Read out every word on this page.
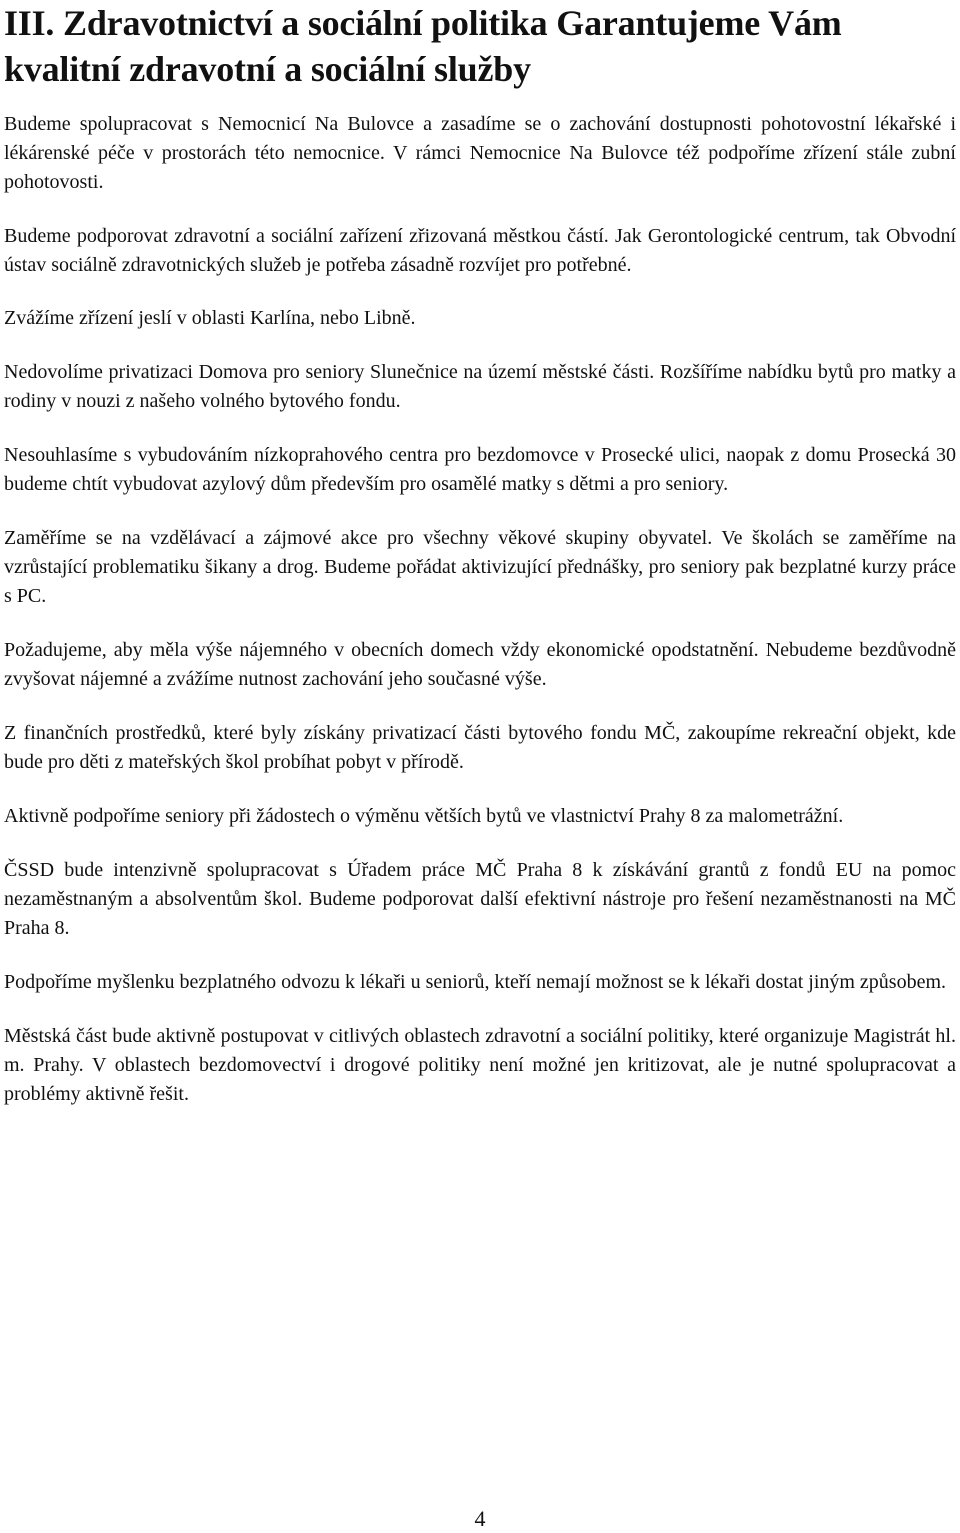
III. Zdravotnictví a sociální politika Garantujeme Vám kvalitní zdravotní a sociální služby

Budeme spolupracovat s Nemocnicí Na Bulovce a zasadíme se o zachování dostupnosti pohotovostní lékařské i lékárenské péče v prostorách této nemocnice. V rámci Nemocnice Na Bulovce též podpoříme zřízení stále zubní pohotovosti.

Budeme podporovat zdravotní a sociální zařízení zřizovaná městkou částí. Jak Gerontologické centrum, tak Obvodní ústav sociálně zdravotnických služeb je potřeba zásadně rozvíjet pro potřebné.

Zvážíme zřízení jeslí v oblasti Karlína, nebo Libně.

Nedovolíme privatizaci Domova pro seniory Slunečnice na území městské části. Rozšíříme nabídku bytů pro matky a rodiny v nouzi z našeho volného bytového fondu.

Nesouhlasíme s vybudováním nízkoprahového centra pro bezdomovce v Prosecké ulici, naopak z domu Prosecká 30 budeme chtít vybudovat azylový dům především pro osamělé matky s dětmi a pro seniory.

Zaměříme se na vzdělávací a zájmové akce pro všechny věkové skupiny obyvatel. Ve školách se zaměříme na vzrůstající problematiku šikany a drog. Budeme pořádat aktivizující přednášky, pro seniory pak bezplatné kurzy práce s PC.

Požadujeme, aby měla výše nájemného v obecních domech vždy ekonomické opodstatnění. Nebudeme bezdůvodně zvyšovat nájemné a zvážíme nutnost zachování jeho současné výše.

Z finančních prostředků, které byly získány privatizací části bytového fondu MČ, zakoupíme rekreační objekt, kde bude pro děti z mateřských škol probíhat pobyt v přírodě.

Aktivně podpoříme seniory při žádostech o výměnu větších bytů ve vlastnictví Prahy 8 za malometrážní.

ČSSD bude intenzivně spolupracovat s Úřadem práce MČ Praha 8 k získávání grantů z fondů EU na pomoc nezaměstnaným a absolventům škol. Budeme podporovat další efektivní nástroje pro řešení nezaměstnanosti na MČ Praha 8.

Podpoříme myšlenku bezplatného odvozu k lékaři u seniorů, kteří nemají možnost se k lékaři dostat jiným způsobem.

Městská část bude aktivně postupovat v citlivých oblastech zdravotní a sociální politiky, které organizuje Magistrát hl. m. Prahy. V oblastech bezdomovectví i drogové politiky není možné jen kritizovat, ale je nutné spolupracovat a problémy aktivně řešit.

4
